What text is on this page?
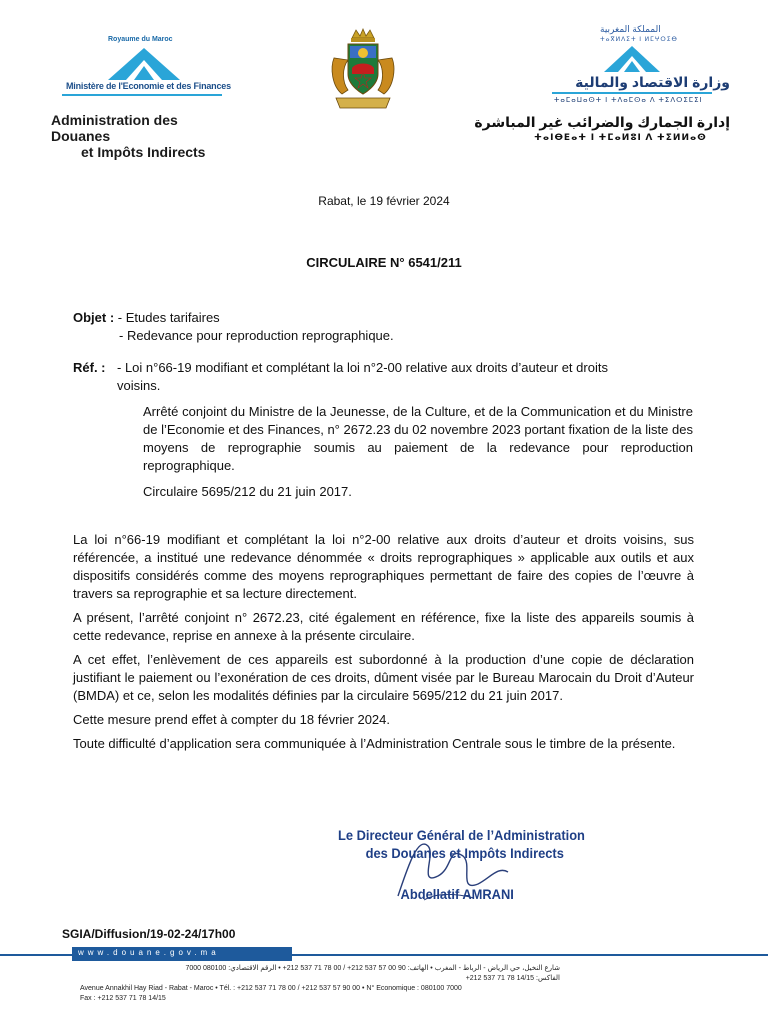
Royaume du Maroc
Ministère de l'Economie et des Finances
Administration des Douanes
et Impôts Indirects
المملكة المغربية
ⵜⴰⴳⵍⴷⵉⵜ ⵏ ⵍⵎⵖⵔⵉⴱ
وزارة الاقتصاد والمالية
ⵜⴰⵎⴰⵡⴰⵙⵜ ⵏ ⵜⴷⴰⵎⵙⴰ ⴷ ⵜⵉⴷⵔⵉⵎⵉⵏ
إدارة الجمارك والضرائب غير المباشرة
ⵜⴰⵏⴱⴹⴰⵜ ⵏ ⵜⵎⴰⵍⵓⵏ ⴷ ⵜⵉⵍⵍⴰⵙ
Rabat, le 19 février 2024
CIRCULAIRE N° 6541/211
Objet : - Etudes tarifaires
- Redevance pour reproduction reprographique.
Réf. : - Loi n°66-19 modifiant et complétant la loi n°2-00 relative aux droits d’auteur et droits
voisins.
Arrêté conjoint du Ministre de la Jeunesse, de la Culture, et de la Communication et du Ministre de l’Economie et des Finances, n° 2672.23 du 02 novembre 2023 portant fixation de la liste des moyens de reprographie soumis au paiement de la redevance pour reproduction reprographique.
Circulaire 5695/212 du 21 juin 2017.

La loi n°66-19 modifiant et complétant la loi n°2-00 relative aux droits d’auteur et droits voisins, sus référencée, a institué une redevance dénommée « droits reprographiques » applicable aux outils et aux dispositifs considérés comme des moyens reprographiques permettant de faire des copies de l’œuvre à travers sa reprographie et sa lecture directement.

A présent, l’arrêté conjoint n° 2672.23, cité également en référence, fixe la liste des appareils soumis à cette redevance, reprise en annexe à la présente circulaire.

A cet effet, l’enlèvement de ces appareils est subordonné à la production d’une copie de déclaration justifiant le paiement ou l’exonération de ces droits, dûment visée par le Bureau Marocain du Droit d’Auteur (BMDA) et ce, selon les modalités définies par la circulaire 5695/212 du 21 juin 2017.

Cette mesure prend effet à compter du 18 février 2024.

Toute difficulté d’application sera communiquée à l’Administration Centrale sous le timbre de la présente.

Le Directeur Général de l’Administration
des Douanes et Impôts Indirects
Abdellatif AMRANI
SGIA/Diffusion/19-02-24/17h00
www.douane.gov.ma
شارع النخيل، حي الرياض - الرباط - المغرب • الهاتف: 90 00 57 537 212+ / 00 78 71 537 212+ • الرقم الاقتصادي: 080100 7000
الفاكس: 14/15 78 71 537 212+
Avenue Annakhil Hay Riad - Rabat - Maroc • Tél. : +212 537 71 78 00 / +212 537 57 90 00 • N° Economique : 080100 7000
Fax : +212 537 71 78 14/15
